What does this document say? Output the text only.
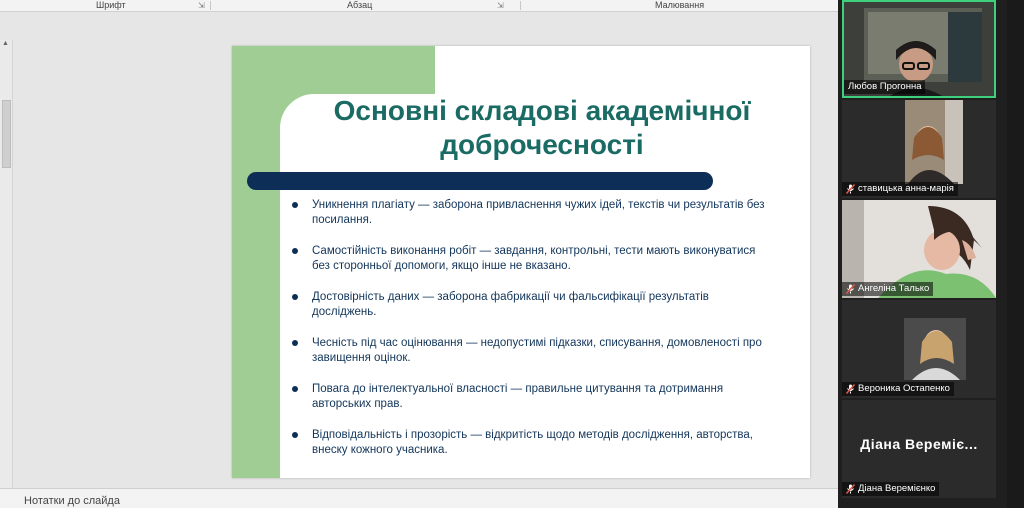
Шрифт	⇲	Абзац	⇲	Малювання
▲
Основні складові академічної
доброчесності
Уникнення плагіату — заборона привласнення чужих ідей, текстів чи результатів без
посилання.
Самостійність виконання робіт — завдання, контрольні, тести мають виконуватися
без сторонньої допомоги, якщо інше не вказано.
Достовірність даних — заборона фабрикації чи фальсифікації результатів
досліджень.
Чесність під час оцінювання — недопустимі підказки, списування, домовленості про
завищення оцінок.
Повага до інтелектуальної власності — правильне цитування та дотримання
авторських прав.
Відповідальність і прозорість — відкритість щодо методів дослідження, авторства,
внеску кожного учасника.
Нотатки до слайда
Любов Прогонна
ставицька анна-марія
Ангеліна Талько
Вероника Остапенко
Діана Вереміє...
Діана Веремієнко
